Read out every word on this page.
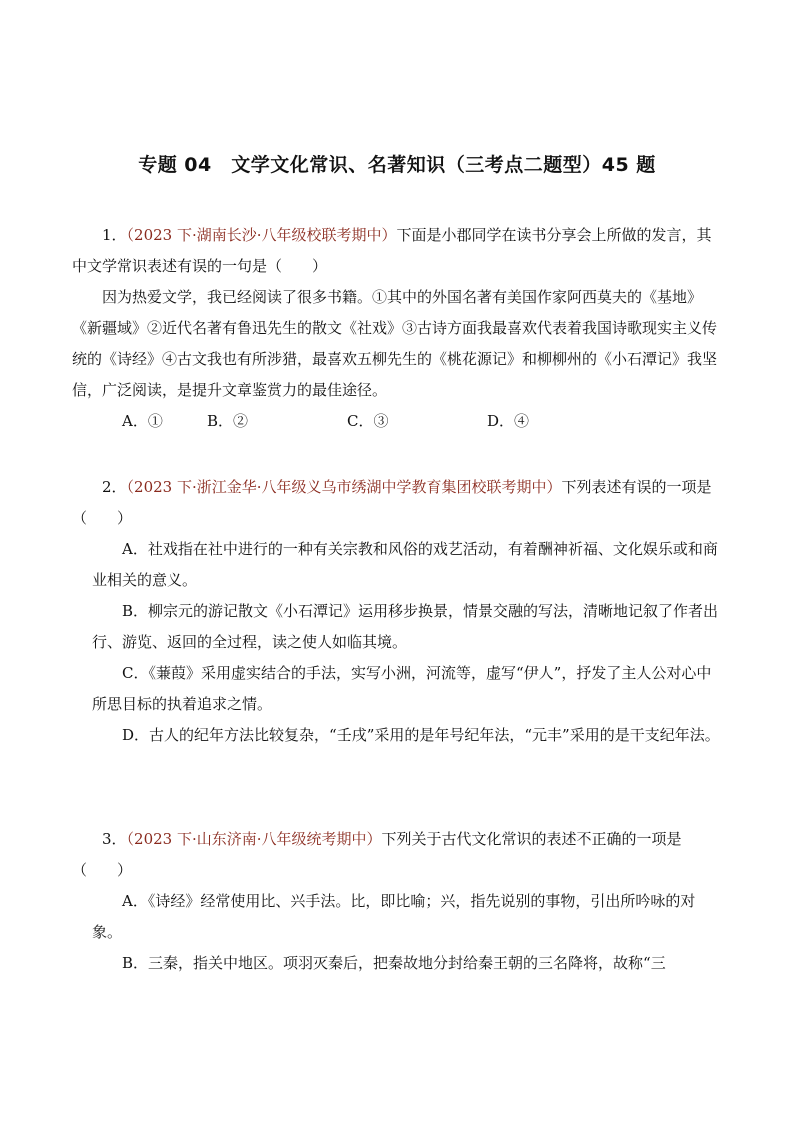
专题 04　文学文化常识、名著知识（三考点二题型）45 题
1．（2023 下·湖南长沙·八年级校联考期中）下面是小郡同学在读书分享会上所做的发言，其中文学常识表述有误的一句是（　　）
因为热爱文学，我已经阅读了很多书籍。①其中的外国名著有美国作家阿西莫夫的《基地》《新疆域》②近代名著有鲁迅先生的散文《社戏》③古诗方面我最喜欢代表着我国诗歌现实主义传统的《诗经》④古文我也有所涉猎，最喜欢五柳先生的《桃花源记》和柳柳州的《小石潭记》我坚信，广泛阅读，是提升文章鉴赏力的最佳途径。
A．①	B．②	C．③	D．④
2．（2023 下·浙江金华·八年级义乌市绣湖中学教育集团校联考期中）下列表述有误的一项是（　　）
A．社戏指在社中进行的一种有关宗教和风俗的戏艺活动，有着酬神祈福、文化娱乐或和商业相关的意义。
B．柳宗元的游记散文《小石潭记》运用移步换景，情景交融的写法，清晰地记叙了作者出行、游览、返回的全过程，读之使人如临其境。
C．《蒹葭》采用虚实结合的手法，实写小洲，河流等，虚写“伊人”，抒发了主人公对心中所思目标的执着追求之情。
D．古人的纪年方法比较复杂，“壬戌”采用的是年号纪年法，“元丰”采用的是干支纪年法。
3．（2023 下·山东济南·八年级统考期中）下列关于古代文化常识的表述不正确的一项是（　　）
A．《诗经》经常使用比、兴手法。比，即比喻；兴，指先说别的事物，引出所吟咏的对象。
B．三秦，指关中地区。项羽灭秦后，把秦故地分封给秦王朝的三名降将，故称“三
